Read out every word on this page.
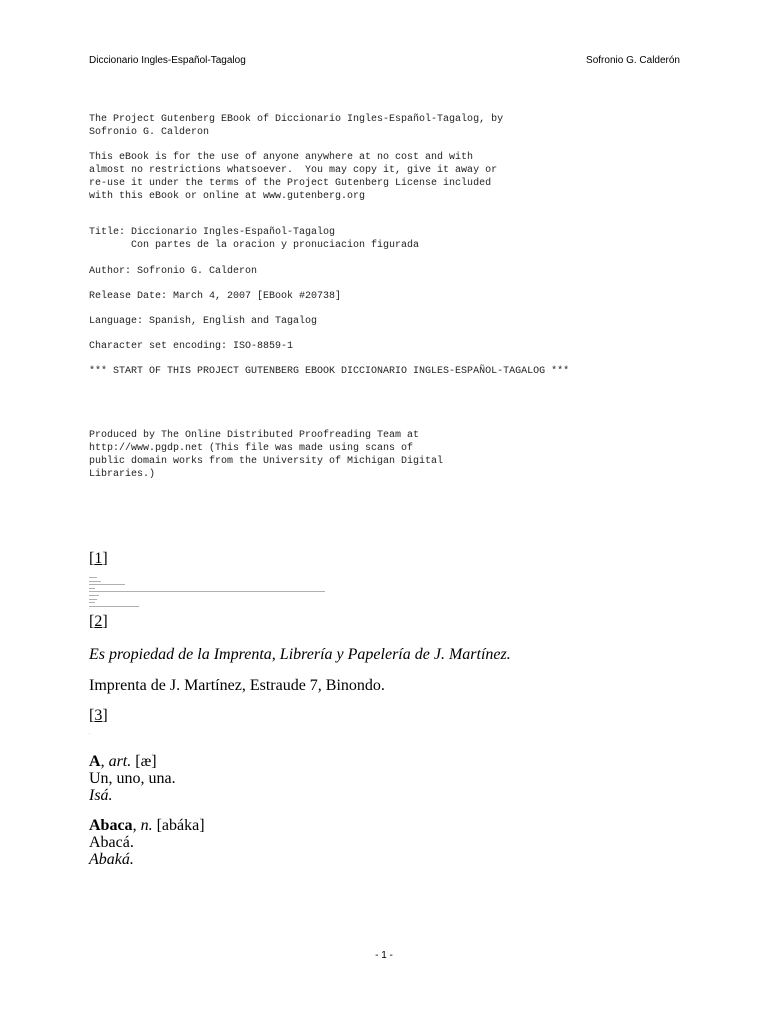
Diccionario Ingles-Español-Tagalog	Sofronio G. Calderón
The Project Gutenberg EBook of Diccionario Ingles-Español-Tagalog, by
Sofronio G. Calderon
This eBook is for the use of anyone anywhere at no cost and with
almost no restrictions whatsoever.  You may copy it, give it away or
re-use it under the terms of the Project Gutenberg License included
with this eBook or online at www.gutenberg.org
Title: Diccionario Ingles-Español-Tagalog
Con partes de la oracion y pronuciacion figurada
Author: Sofronio G. Calderon
Release Date: March 4, 2007 [EBook #20738]
Language: Spanish, English and Tagalog
Character set encoding: ISO-8859-1
*** START OF THIS PROJECT GUTENBERG EBOOK DICCIONARIO INGLES-ESPAÑOL-TAGALOG ***
Produced by The Online Distributed Proofreading Team at
http://www.pgdp.net (This file was made using scans of
public domain works from the University of Michigan Digital
Libraries.)
[1]
[2]
Es propiedad de la Imprenta, Librería y Papelería de J. Martínez.
Imprenta de J. Martínez, Estraude 7, Binondo.
[3]
.
A, art. [æ]
Un, uno, una.
Isá.
Abaca, n. [abáka]
Abacá.
Abaká.
- 1 -
